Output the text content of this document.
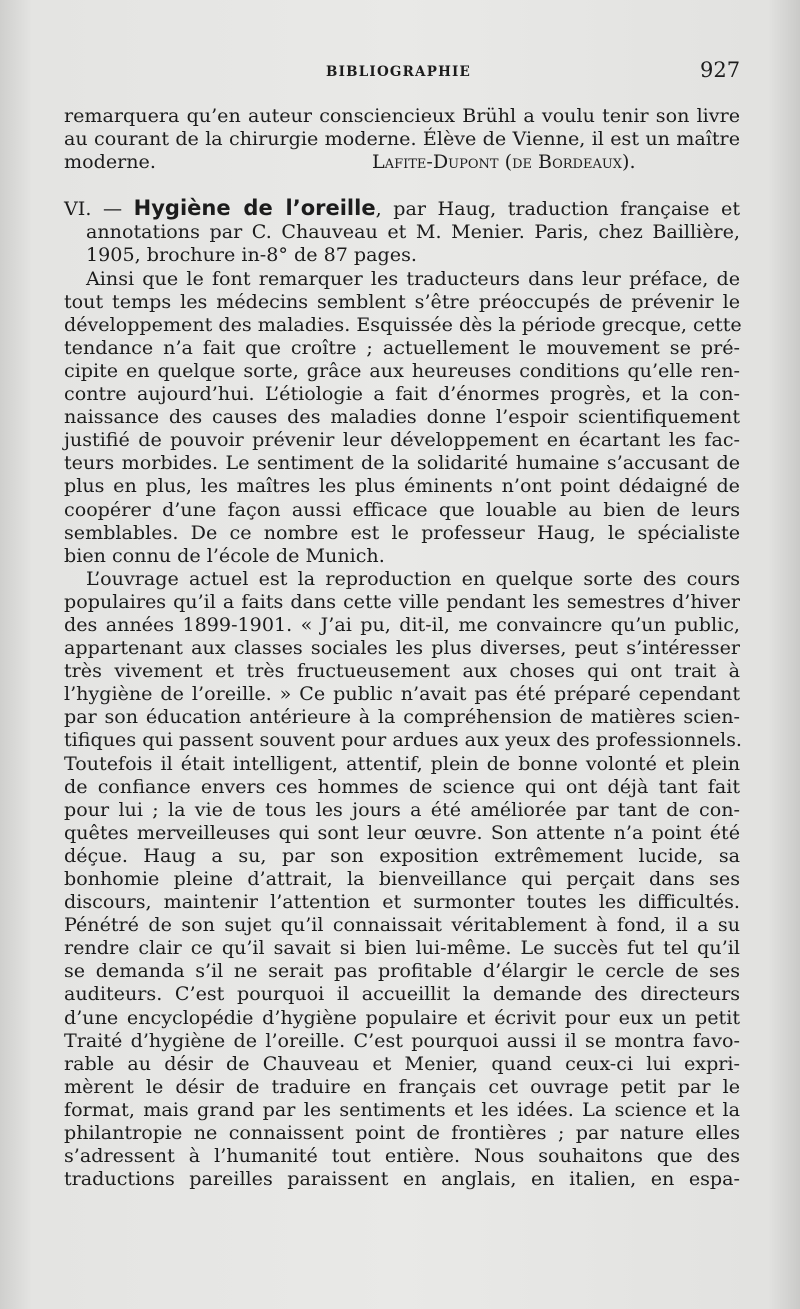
BIBLIOGRAPHIE	927
remarquera qu’en auteur consciencieux Brühl a voulu tenir son livre
au courant de la chirurgie moderne. Élève de Vienne, il est un maître
moderne.	Lafite-Dupont (de Bordeaux).
VI. — Hygiène de l’oreille, par Haug, traduction française et
annotations par C. Chauveau et M. Menier. Paris, chez Baillière,
1905, brochure in-8° de 87 pages.
Ainsi que le font remarquer les traducteurs dans leur préface, de
tout temps les médecins semblent s’être préoccupés de prévenir le
développement des maladies. Esquissée dès la période grecque, cette
tendance n’a fait que croître ; actuellement le mouvement se pré-
cipite en quelque sorte, grâce aux heureuses conditions qu’elle ren-
contre aujourd’hui. L’étiologie a fait d’énormes progrès, et la con-
naissance des causes des maladies donne l’espoir scientifiquement
justifié de pouvoir prévenir leur développement en écartant les fac-
teurs morbides. Le sentiment de la solidarité humaine s’accusant de
plus en plus, les maîtres les plus éminents n’ont point dédaigné de
coopérer d’une façon aussi efficace que louable au bien de leurs
semblables. De ce nombre est le professeur Haug, le spécialiste
bien connu de l’école de Munich.
L’ouvrage actuel est la reproduction en quelque sorte des cours
populaires qu’il a faits dans cette ville pendant les semestres d’hiver
des années 1899-1901. « J’ai pu, dit-il, me convaincre qu’un public,
appartenant aux classes sociales les plus diverses, peut s’intéresser
très vivement et très fructueusement aux choses qui ont trait à
l’hygiène de l’oreille. » Ce public n’avait pas été préparé cependant
par son éducation antérieure à la compréhension de matières scien-
tifiques qui passent souvent pour ardues aux yeux des professionnels.
Toutefois il était intelligent, attentif, plein de bonne volonté et plein
de confiance envers ces hommes de science qui ont déjà tant fait
pour lui ; la vie de tous les jours a été améliorée par tant de con-
quêtes merveilleuses qui sont leur œuvre. Son attente n’a point été
déçue. Haug a su, par son exposition extrêmement lucide, sa
bonhomie pleine d’attrait, la bienveillance qui perçait dans ses
discours, maintenir l’attention et surmonter toutes les difficultés.
Pénétré de son sujet qu’il connaissait véritablement à fond, il a su
rendre clair ce qu’il savait si bien lui-même. Le succès fut tel qu’il
se demanda s’il ne serait pas profitable d’élargir le cercle de ses
auditeurs. C’est pourquoi il accueillit la demande des directeurs
d’une encyclopédie d’hygiène populaire et écrivit pour eux un petit
Traité d’hygiène de l’oreille. C’est pourquoi aussi il se montra favo-
rable au désir de Chauveau et Menier, quand ceux-ci lui expri-
mèrent le désir de traduire en français cet ouvrage petit par le
format, mais grand par les sentiments et les idées. La science et la
philantropie ne connaissent point de frontières ; par nature elles
s’adressent à l’humanité tout entière. Nous souhaitons que des
traductions pareilles paraissent en anglais, en italien, en espa-
